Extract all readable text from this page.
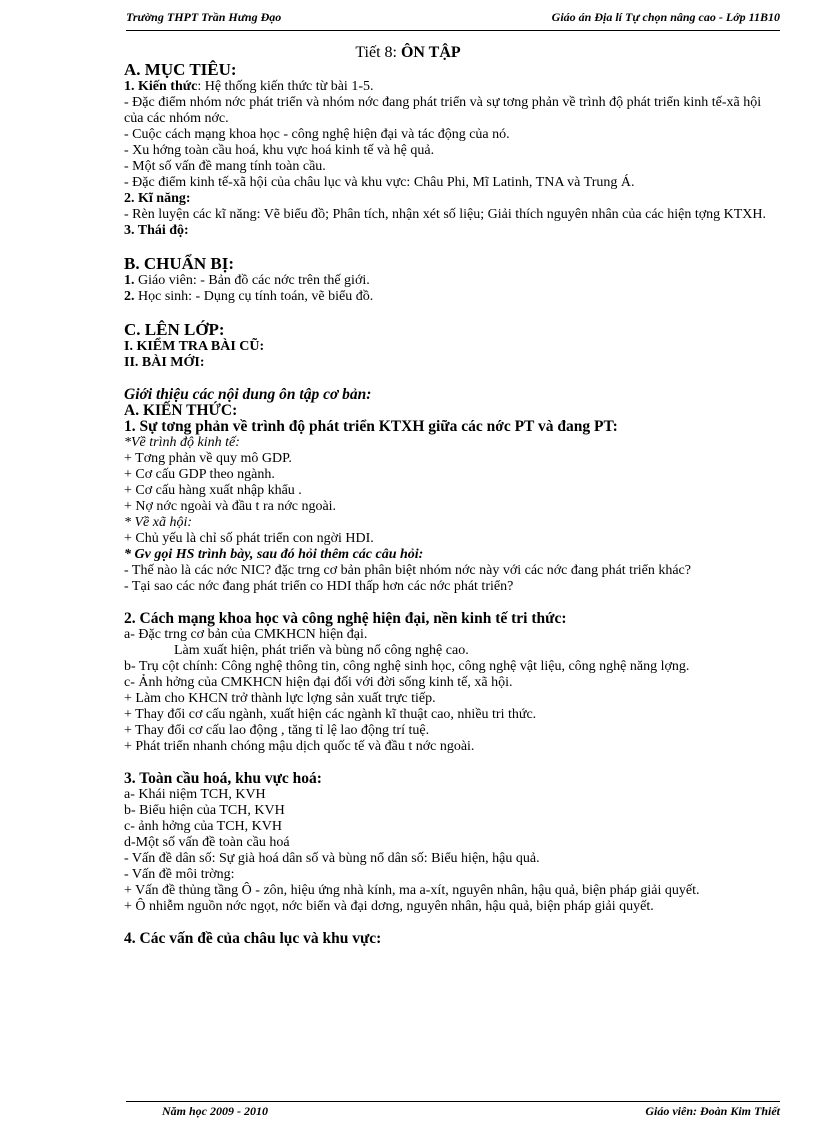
Trường THPT Trần Hưng Đạo	Giáo án Địa lí Tự chọn nâng cao - Lớp 11B10
Tiết 8: ÔN TẬP

A. MỤC TIÊU:

1. Kiến thức: Hệ thống kiến thức từ bài 1-5.

- Đặc điểm nhóm nớc phát triển và nhóm nớc đang phát triển và sự tơng phản về trình độ phát triển kinh tế-xã hội của các nhóm nớc.

- Cuộc cách mạng khoa học - công nghệ hiện đại và tác động của nó.

- Xu hớng toàn cầu hoá, khu vực hoá kinh tế và hệ quả.

- Một số vấn đề mang tính toàn cầu.

- Đặc điểm kinh tế-xã hội của châu lục và khu vực: Châu Phi, Mĩ Latinh, TNA và Trung Á.

2. Kĩ năng:

- Rèn luyện các kĩ năng: Vẽ biểu đồ; Phân tích, nhận xét số liệu; Giải thích nguyên nhân của các hiện tợng KTXH.

3. Thái độ:

B. CHUẨN BỊ:

1. Giáo viên: - Bản đồ các nớc trên thế giới.

2. Học sinh: - Dụng cụ tính toán, vẽ biểu đồ.

C. LÊN LỚP:

I. KIỂM TRA BÀI CŨ:

II. BÀI MỚI:

Giới thiệu các nội dung ôn tập cơ bản:

A. KIẾN THỨC:

1. Sự tơng phản về trình độ phát triển KTXH giữa các nớc PT và đang PT:

*Về trình độ kinh tế:

+ Tơng phản về quy mô GDP.

+ Cơ cấu GDP theo ngành.

+ Cơ cấu hàng xuất nhập khẩu .

+ Nợ nớc ngoài và đầu t ra nớc ngoài.

* Về xã hội:

+ Chủ yếu là chỉ số phát triển con ngời HDI.

* Gv gọi HS trình bày, sau đó hỏi thêm các câu hỏi:

- Thế nào là các nớc NIC? đặc trng cơ bản phân biệt nhóm nớc này với các nớc đang phát triển khác?

- Tại sao các nớc đang phát triển co HDI thấp hơn các nớc phát triển?

2. Cách mạng khoa học và công nghệ hiện đại, nền kinh tế tri thức:

a- Đặc trng cơ bản của CMKHCN hiện đại.

Làm xuất hiện, phát triển và bùng nổ công nghệ cao.

b- Trụ cột chính: Công nghệ thông tin, công nghệ sinh học, công nghệ vật liệu, công nghệ năng lợng.

c- Ảnh hởng của CMKHCN hiện đại đối với đời sống kinh tế, xã hội.

+ Làm cho KHCN trở thành lực lợng sản xuất trực tiếp.

+ Thay đổi cơ cấu ngành, xuất hiện các ngành kĩ thuật cao, nhiều tri thức.

+ Thay đổi cơ cấu lao động , tăng tỉ lệ lao động trí tuệ.

+ Phát triển nhanh chóng mậu dịch quốc tế và đầu t nớc ngoài.

3. Toàn cầu hoá, khu vực hoá:

a- Khái niệm TCH, KVH

b- Biểu hiện của TCH, KVH

c- ảnh hởng của TCH, KVH

d-Một số vấn đề toàn cầu hoá

- Vấn đề dân số: Sự già hoá dân số và bùng nổ dân số: Biểu hiện, hậu quả.

- Vấn đề môi trờng:

+ Vấn đề thủng tầng Ô - zôn, hiệu ứng nhà kính, ma a-xít, nguyên nhân, hậu quả, biện pháp giải quyết.

+ Ô nhiễm nguồn nớc ngọt, nớc biển và đại dơng, nguyên nhân, hậu quả, biện pháp giải quyết.

4. Các vấn đề của châu lục và khu vực:

Năm học 2009 - 2010	Giáo viên: Đoàn Kim Thiết
